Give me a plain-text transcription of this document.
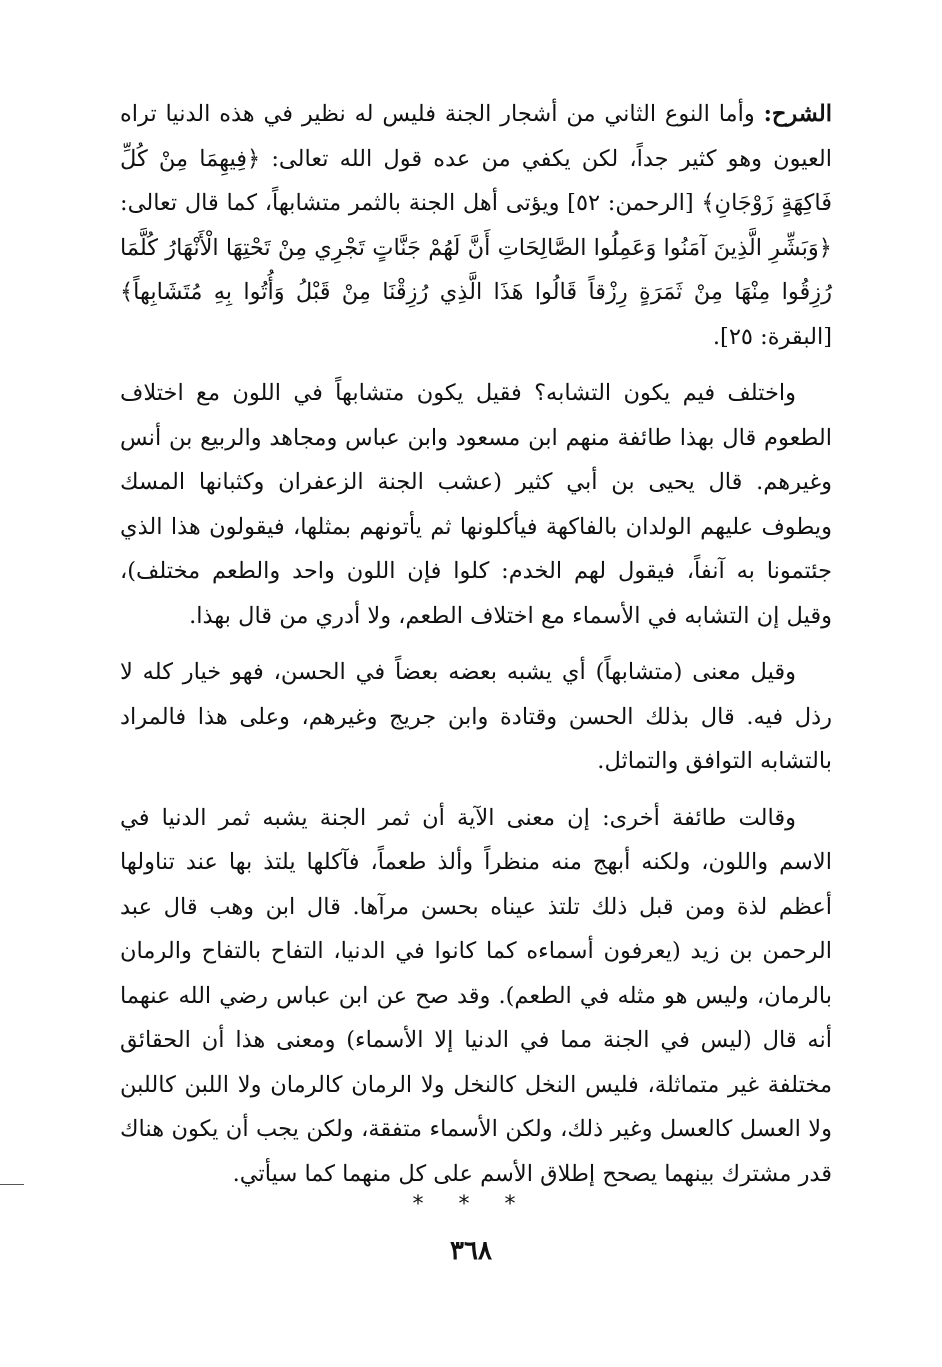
الشرح: وأما النوع الثاني من أشجار الجنة فليس له نظير في هذه الدنيا تراه العيون وهو كثير جداً، لكن يكفي من عده قول الله تعالى: ﴿فِيهِمَا مِنْ كُلِّ فَاكِهَةٍ زَوْجَانِ﴾ [الرحمن: ٥٢] ويؤتى أهل الجنة بالثمر متشابهاً، كما قال تعالى: ﴿وَبَشِّرِ الَّذِينَ آمَنُوا وَعَمِلُوا الصَّالِحَاتِ أَنَّ لَهُمْ جَنَّاتٍ تَجْرِي مِنْ تَحْتِهَا الْأَنْهَارُ كُلَّمَا رُزِقُوا مِنْهَا مِنْ ثَمَرَةٍ رِزْقاً قَالُوا هَذَا الَّذِي رُزِقْنَا مِنْ قَبْلُ وَأُتُوا بِهِ مُتَشَابِهاً﴾ [البقرة: ٢٥].

واختلف فيم يكون التشابه؟ فقيل يكون متشابهاً في اللون مع اختلاف الطعوم قال بهذا طائفة منهم ابن مسعود وابن عباس ومجاهد والربيع بن أنس وغيرهم. قال يحيى بن أبي كثير (عشب الجنة الزعفران وكثبانها المسك ويطوف عليهم الولدان بالفاكهة فيأكلونها ثم يأتونهم بمثلها، فيقولون هذا الذي جئتمونا به آنفاً، فيقول لهم الخدم: كلوا فإن اللون واحد والطعم مختلف)، وقيل إن التشابه في الأسماء مع اختلاف الطعم، ولا أدري من قال بهذا.

وقيل معنى (متشابهاً) أي يشبه بعضه بعضاً في الحسن، فهو خيار كله لا رذل فيه. قال بذلك الحسن وقتادة وابن جريج وغيرهم، وعلى هذا فالمراد بالتشابه التوافق والتماثل.

وقالت طائفة أخرى: إن معنى الآية أن ثمر الجنة يشبه ثمر الدنيا في الاسم واللون، ولكنه أبهج منه منظراً وألذ طعماً، فآكلها يلتذ بها عند تناولها أعظم لذة ومن قبل ذلك تلتذ عيناه بحسن مرآها. قال ابن وهب قال عبد الرحمن بن زيد (يعرفون أسماءه كما كانوا في الدنيا، التفاح بالتفاح والرمان بالرمان، وليس هو مثله في الطعم). وقد صح عن ابن عباس رضي الله عنهما أنه قال (ليس في الجنة مما في الدنيا إلا الأسماء) ومعنى هذا أن الحقائق مختلفة غير متماثلة، فليس النخل كالنخل ولا الرمان كالرمان ولا اللبن كاللبن ولا العسل كالعسل وغير ذلك، ولكن الأسماء متفقة، ولكن يجب أن يكون هناك قدر مشترك بينهما يصحح إطلاق الأسم على كل منهما كما سيأتي.

* * *
٣٦٨
